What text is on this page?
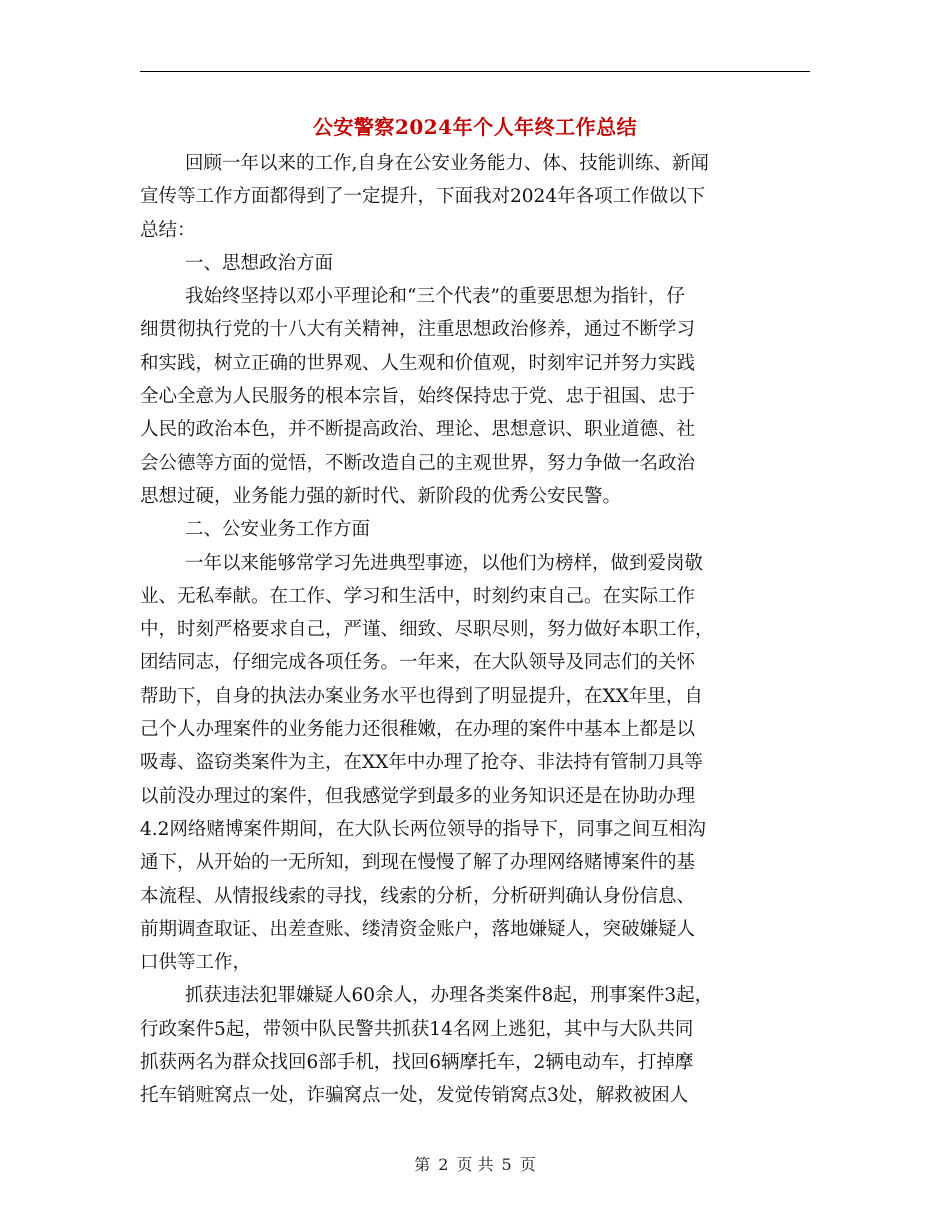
公安警察2024年个人年终工作总结
回顾一年以来的工作,自身在公安业务能力、体、技能训练、新闻
宣传等工作方面都得到了一定提升，下面我对2024年各项工作做以下
总结：
一、思想政治方面
我始终坚持以邓小平理论和“三个代表”的重要思想为指针，仔
细贯彻执行党的十八大有关精神，注重思想政治修养，通过不断学习
和实践，树立正确的世界观、人生观和价值观，时刻牢记并努力实践
全心全意为人民服务的根本宗旨，始终保持忠于党、忠于祖国、忠于
人民的政治本色，并不断提高政治、理论、思想意识、职业道德、社
会公德等方面的觉悟，不断改造自己的主观世界，努力争做一名政治
思想过硬，业务能力强的新时代、新阶段的优秀公安民警。
二、公安业务工作方面
一年以来能够常学习先进典型事迹，以他们为榜样，做到爱岗敬
业、无私奉献。在工作、学习和生活中，时刻约束自己。在实际工作
中，时刻严格要求自己，严谨、细致、尽职尽则，努力做好本职工作，
团结同志，仔细完成各项任务。一年来，在大队领导及同志们的关怀
帮助下，自身的执法办案业务水平也得到了明显提升，在XX年里，自
己个人办理案件的业务能力还很稚嫩，在办理的案件中基本上都是以
吸毒、盗窃类案件为主，在XX年中办理了抢夺、非法持有管制刀具等
以前没办理过的案件，但我感觉学到最多的业务知识还是在协助办理
4.2网络赌博案件期间，在大队长两位领导的指导下，同事之间互相沟
通下，从开始的一无所知，到现在慢慢了解了办理网络赌博案件的基
本流程、从情报线索的寻找，线索的分析，分析研判确认身份信息、
前期调查取证、出差查账、缕清资金账户，落地嫌疑人，突破嫌疑人
口供等工作，
抓获违法犯罪嫌疑人60余人，办理各类案件8起，刑事案件3起，
行政案件5起，带领中队民警共抓获14名网上逃犯，其中与大队共同
抓获两名为群众找回6部手机，找回6辆摩托车，2辆电动车，打掉摩
托车销赃窝点一处，诈骗窝点一处，发觉传销窝点3处，解救被困人
第 2 页 共 5 页
